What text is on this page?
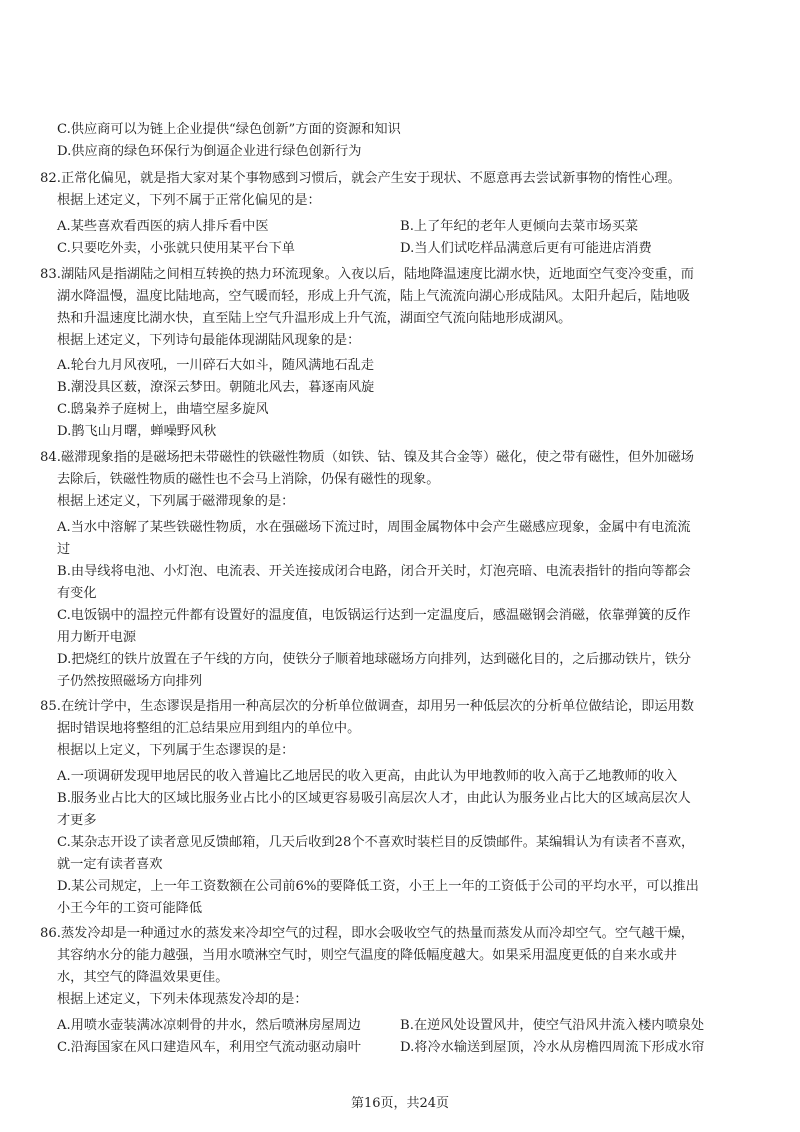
C.供应商可以为链上企业提供“绿色创新”方面的资源和知识
D.供应商的绿色环保行为倒逼企业进行绿色创新行为
82.正常化偏见，就是指大家对某个事物感到习惯后，就会产生安于现状、不愿意再去尝试新事物的惰性心理。
根据上述定义，下列不属于正常化偏见的是：
A.某些喜欢看西医的病人排斥看中医	B.上了年纪的老年人更倾向去菜市场买菜
C.只要吃外卖，小张就只使用某平台下单	D.当人们试吃样品满意后更有可能进店消费
83.湖陆风是指湖陆之间相互转换的热力环流现象。入夜以后，陆地降温速度比湖水快，近地面空气变冷变重，而
湖水降温慢，温度比陆地高，空气暖而轻，形成上升气流，陆上气流流向湖心形成陆风。太阳升起后，陆地吸
热和升温速度比湖水快，直至陆上空气升温形成上升气流，湖面空气流向陆地形成湖风。
根据上述定义，下列诗句最能体现湖陆风现象的是：
A.轮台九月风夜吼，一川碎石大如斗，随风满地石乱走
B.潮没具区薮，潦深云梦田。朝随北风去，暮逐南风旋
C.鸱枭养子庭树上，曲墙空屋多旋风
D.鹊飞山月曙，蝉噪野风秋
84.磁滞现象指的是磁场把未带磁性的铁磁性物质（如铁、钴、镍及其合金等）磁化，使之带有磁性，但外加磁场
去除后，铁磁性物质的磁性也不会马上消除，仍保有磁性的现象。
根据上述定义，下列属于磁滞现象的是：
A.当水中溶解了某些铁磁性物质，水在强磁场下流过时，周围金属物体中会产生磁感应现象，金属中有电流流
过
B.由导线将电池、小灯泡、电流表、开关连接成闭合电路，闭合开关时，灯泡亮暗、电流表指针的指向等都会
有变化
C.电饭锅中的温控元件都有设置好的温度值，电饭锅运行达到一定温度后，感温磁钢会消磁，依靠弹簧的反作
用力断开电源
D.把烧红的铁片放置在子午线的方向，使铁分子顺着地球磁场方向排列，达到磁化目的，之后挪动铁片，铁分
子仍然按照磁场方向排列
85.在统计学中，生态谬误是指用一种高层次的分析单位做调查，却用另一种低层次的分析单位做结论，即运用数
据时错误地将整组的汇总结果应用到组内的单位中。
根据以上定义，下列属于生态谬误的是：
A.一项调研发现甲地居民的收入普遍比乙地居民的收入更高，由此认为甲地教师的收入高于乙地教师的收入
B.服务业占比大的区域比服务业占比小的区域更容易吸引高层次人才，由此认为服务业占比大的区域高层次人
才更多
C.某杂志开设了读者意见反馈邮箱，几天后收到28个不喜欢时装栏目的反馈邮件。某编辑认为有读者不喜欢，
就一定有读者喜欢
D.某公司规定，上一年工资数额在公司前6%的要降低工资，小王上一年的工资低于公司的平均水平，可以推出
小王今年的工资可能降低
86.蒸发冷却是一种通过水的蒸发来冷却空气的过程，即水会吸收空气的热量而蒸发从而冷却空气。空气越干燥，
其容纳水分的能力越强，当用水喷淋空气时，则空气温度的降低幅度越大。如果采用温度更低的自来水或井
水，其空气的降温效果更佳。
根据上述定义，下列未体现蒸发冷却的是：
A.用喷水壶装满冰凉刺骨的井水，然后喷淋房屋周边	B.在逆风处设置风井，使空气沿风井流入楼内喷泉处
C.沿海国家在风口建造风车，利用空气流动驱动扇叶	D.将冷水输送到屋顶，冷水从房檐四周流下形成水帘
第16页，共24页
